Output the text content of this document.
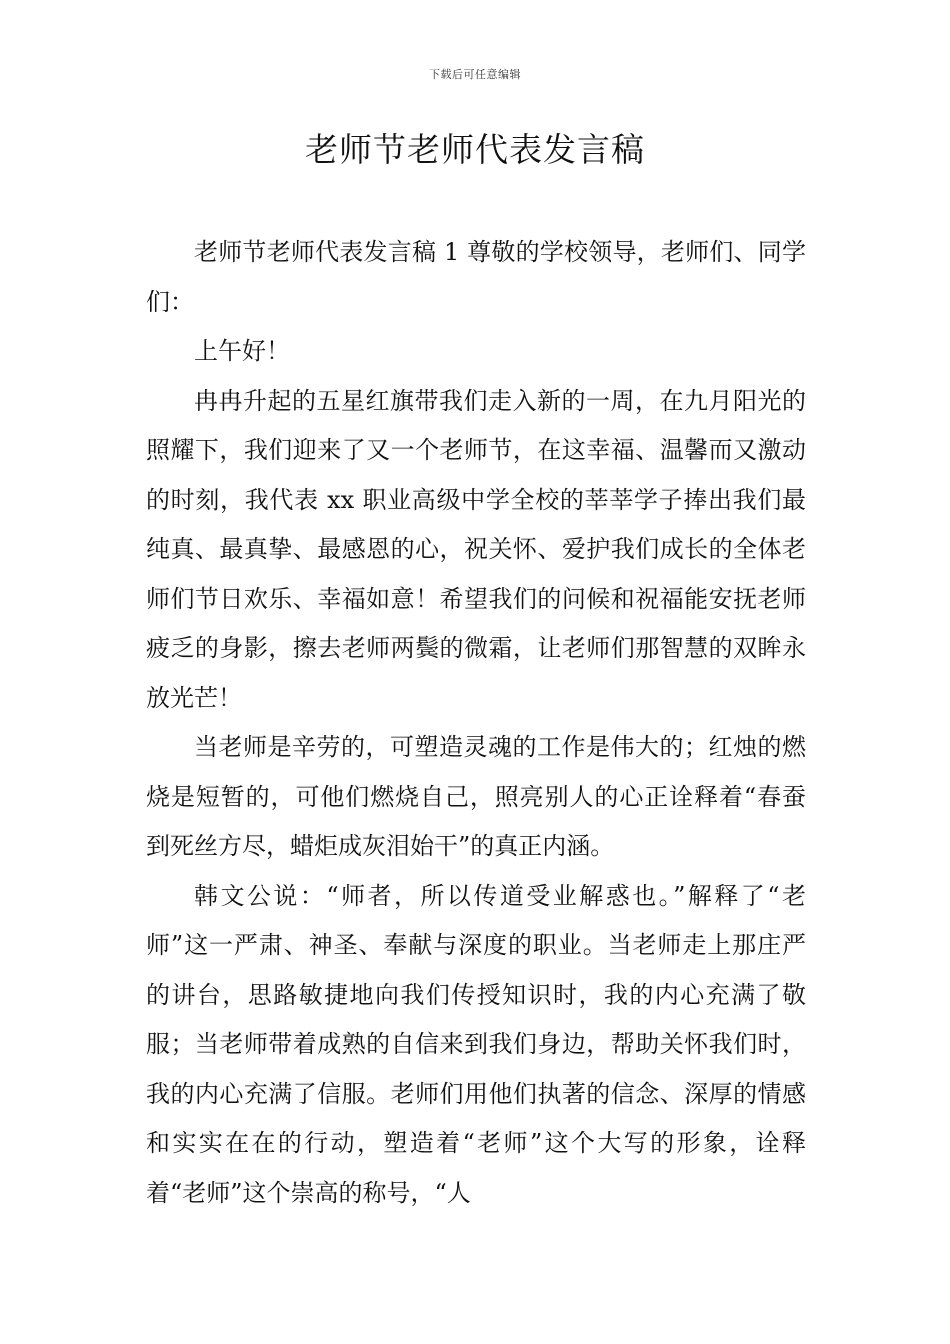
下载后可任意编辑
老师节老师代表发言稿

老师节老师代表发言稿 1 尊敬的学校领导，老师们、同学们：

上午好！

冉冉升起的五星红旗带我们走入新的一周，在九月阳光的照耀下，我们迎来了又一个老师节，在这幸福、温馨而又激动的时刻，我代表 xx 职业高级中学全校的莘莘学子捧出我们最纯真、最真挚、最感恩的心，祝关怀、爱护我们成长的全体老师们节日欢乐、幸福如意！希望我们的问候和祝福能安抚老师疲乏的身影，擦去老师两鬓的微霜，让老师们那智慧的双眸永放光芒！

当老师是辛劳的，可塑造灵魂的工作是伟大的；红烛的燃烧是短暂的，可他们燃烧自己，照亮别人的心正诠释着“春蚕到死丝方尽，蜡炬成灰泪始干”的真正内涵。

韩文公说：“师者，所以传道受业解惑也。”解释了“老师”这一严肃、神圣、奉献与深度的职业。当老师走上那庄严的讲台，思路敏捷地向我们传授知识时，我的内心充满了敬服；当老师带着成熟的自信来到我们身边，帮助关怀我们时，我的内心充满了信服。老师们用他们执著的信念、深厚的情感和实实在在的行动，塑造着“老师”这个大写的形象，诠释着“老师”这个崇高的称号，“人
